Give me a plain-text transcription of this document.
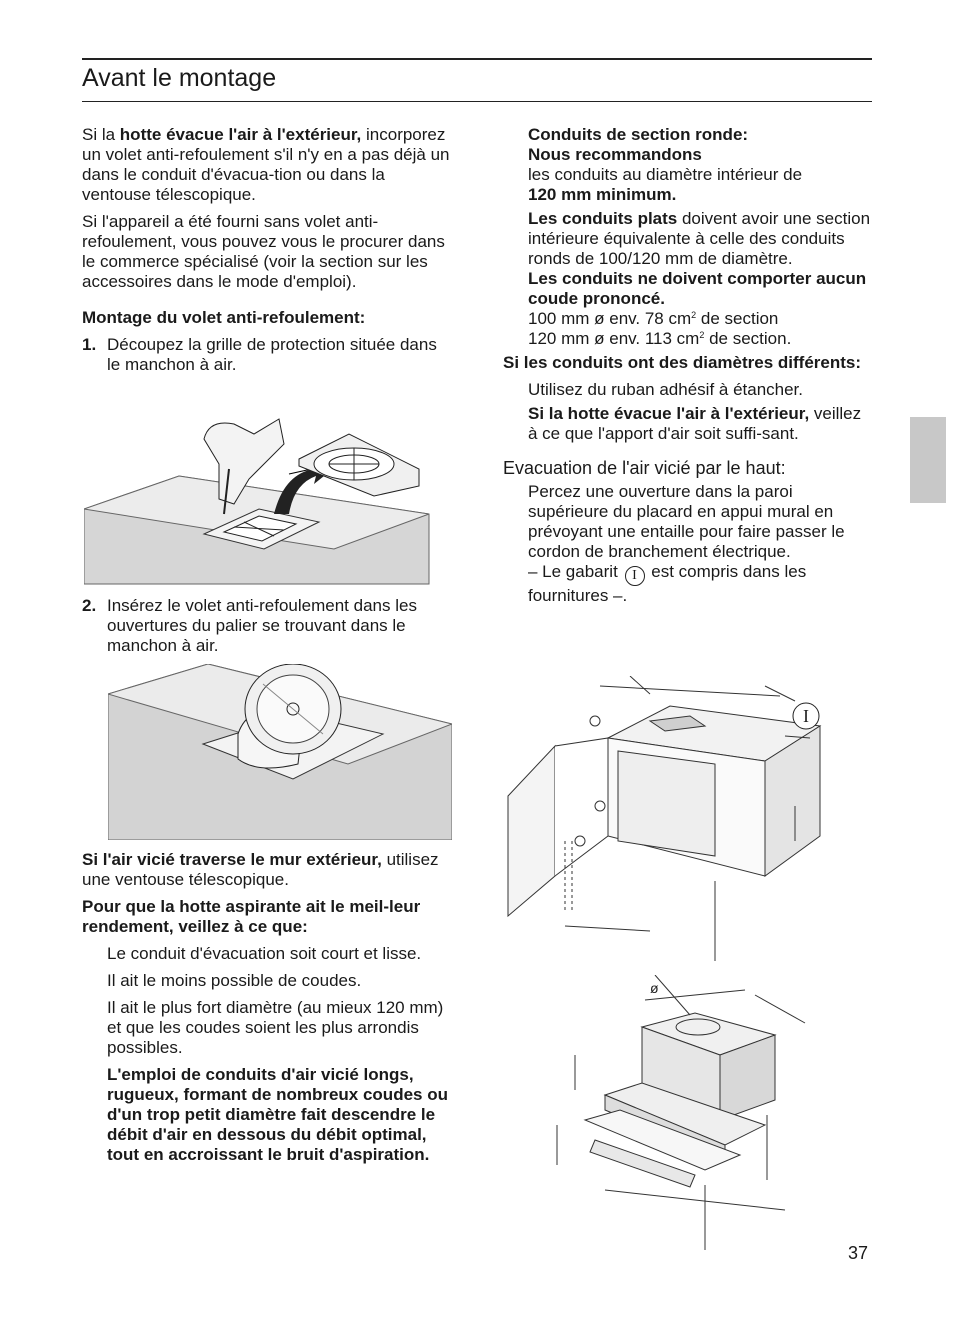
Avant le montage

Si la hotte évacue l'air à l'extérieur, incorporez un volet anti-refoulement s'il n'y en a pas déjà un dans le conduit d'évacua-tion ou dans la ventouse télescopique.

Si l'appareil a été fourni sans volet anti-refoulement, vous pouvez vous le procurer dans le commerce spécialisé (voir la section sur les accessoires dans le mode d'emploi).

Montage du volet anti-refoulement:

1. Découpez la grille de protection située dans le manchon à air.
2. Insérez le volet anti-refoulement dans les ouvertures du palier se trouvant dans le manchon à air.

Si l'air vicié traverse le mur extérieur, utilisez une ventouse télescopique.

Pour que la hotte aspirante ait le meil-leur rendement, veillez à ce que:

Le conduit d'évacuation soit court et lisse.

Il ait le moins possible de coudes.

Il ait le plus fort diamètre (au mieux 120 mm) et que les coudes soient les plus arrondis possibles.

L'emploi de conduits d'air vicié longs, rugueux, formant de nombreux coudes ou d'un trop petit diamètre fait descendre le débit d'air en dessous du débit optimal, tout en accroissant le bruit d'aspiration.

Conduits de section ronde:

Nous recommandons

les conduits au diamètre intérieur de

120 mm minimum.

Les conduits plats doivent avoir une section intérieure équivalente à celle des conduits ronds de 100/120 mm de diamètre.

Les conduits ne doivent comporter aucun coude prononcé.

100 mm ø env. 78 $cm^2$ de section

120 mm ø env. 113 $cm^2$ de section.

Si les conduits ont des diamètres différents:

Utilisez du ruban adhésif à étancher.

Si la hotte évacue l'air à l'extérieur, veillez à ce que l'apport d'air soit suffi-sant.

Evacuation de l'air vicié par le haut:

Percez une ouverture dans la paroi supérieure du placard en appui mural en prévoyant une entaille pour faire passer le cordon de branchement électrique.

– Le gabarit I est compris dans les fournitures –.

I
ø
37
